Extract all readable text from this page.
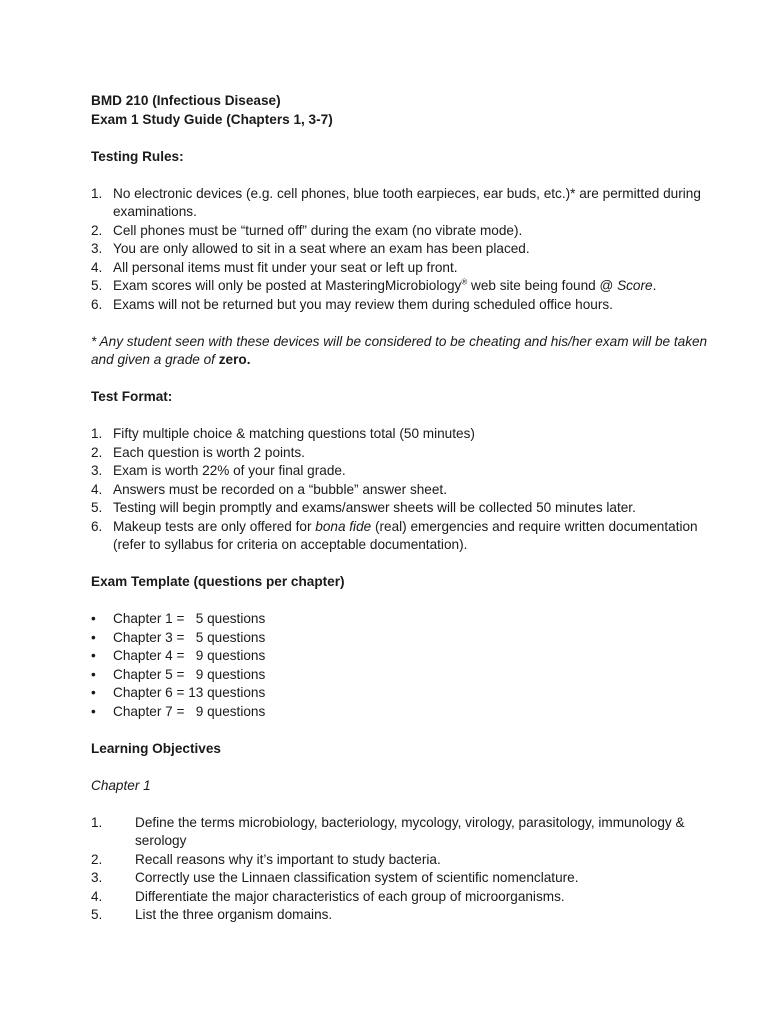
BMD 210 (Infectious Disease)

Exam 1 Study Guide (Chapters 1, 3-7)

Testing Rules:

1. No electronic devices (e.g. cell phones, blue tooth earpieces, ear buds, etc.)* are permitted during examinations.
2. Cell phones must be “turned off” during the exam (no vibrate mode).
3. You are only allowed to sit in a seat where an exam has been placed.
4. All personal items must fit under your seat or left up front.
5. Exam scores will only be posted at MasteringMicrobiology® web site being found @ Score.
6. Exams will not be returned but you may review them during scheduled office hours.

* Any student seen with these devices will be considered to be cheating and his/her exam will be taken and given a grade of zero.

Test Format:

1. Fifty multiple choice & matching questions total (50 minutes)
2. Each question is worth 2 points.
3. Exam is worth 22% of your final grade.
4. Answers must be recorded on a “bubble” answer sheet.
5. Testing will begin promptly and exams/answer sheets will be collected 50 minutes later.
6. Makeup tests are only offered for bona fide (real) emergencies and require written documentation (refer to syllabus for criteria on acceptable documentation).

Exam Template (questions per chapter)

• Chapter 1 =   5 questions
• Chapter 3 =   5 questions
• Chapter 4 =   9 questions
• Chapter 5 =   9 questions
• Chapter 6 = 13 questions
• Chapter 7 =   9 questions

Learning Objectives

Chapter 1

1. Define the terms microbiology, bacteriology, mycology, virology, parasitology, immunology & serology
2. Recall reasons why it’s important to study bacteria.
3. Correctly use the Linnaen classification system of scientific nomenclature.
4. Differentiate the major characteristics of each group of microorganisms.
5. List the three organism domains.
